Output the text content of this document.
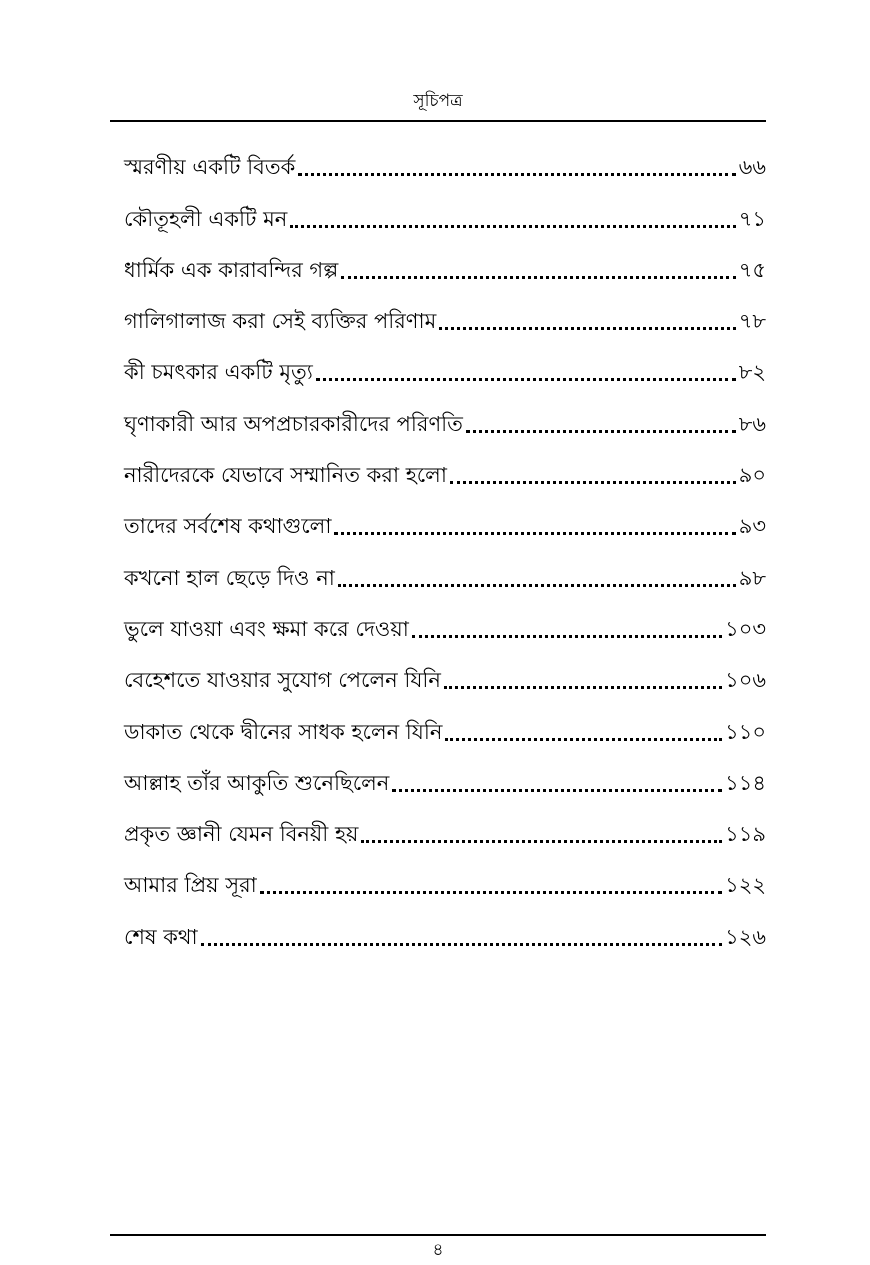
সূচিপত্র
স্মরণীয় একটি বিতর্ক	৬৬
কৌতূহলী একটি মন	৭১
ধার্মিক এক কারাবন্দির গল্প	৭৫
গালিগালাজ করা সেই ব্যক্তির পরিণাম	৭৮
কী চমৎকার একটি মৃত্যু	৮২
ঘৃণাকারী আর অপপ্রচারকারীদের পরিণতি	৮৬
নারীদেরকে যেভাবে সম্মানিত করা হলো	৯০
তাদের সর্বশেষ কথাগুলো	৯৩
কখনো হাল ছেড়ে দিও না	৯৮
ভুলে যাওয়া এবং ক্ষমা করে দেওয়া	১০৩
বেহেশতে যাওয়ার সুযোগ পেলেন যিনি	১০৬
ডাকাত থেকে দ্বীনের সাধক হলেন যিনি	১১০
আল্লাহ তাঁর আকুতি শুনেছিলেন	১১৪
প্রকৃত জ্ঞানী যেমন বিনয়ী হয়	১১৯
আমার প্রিয় সূরা	১২২
শেষ কথা	১২৬
৪
